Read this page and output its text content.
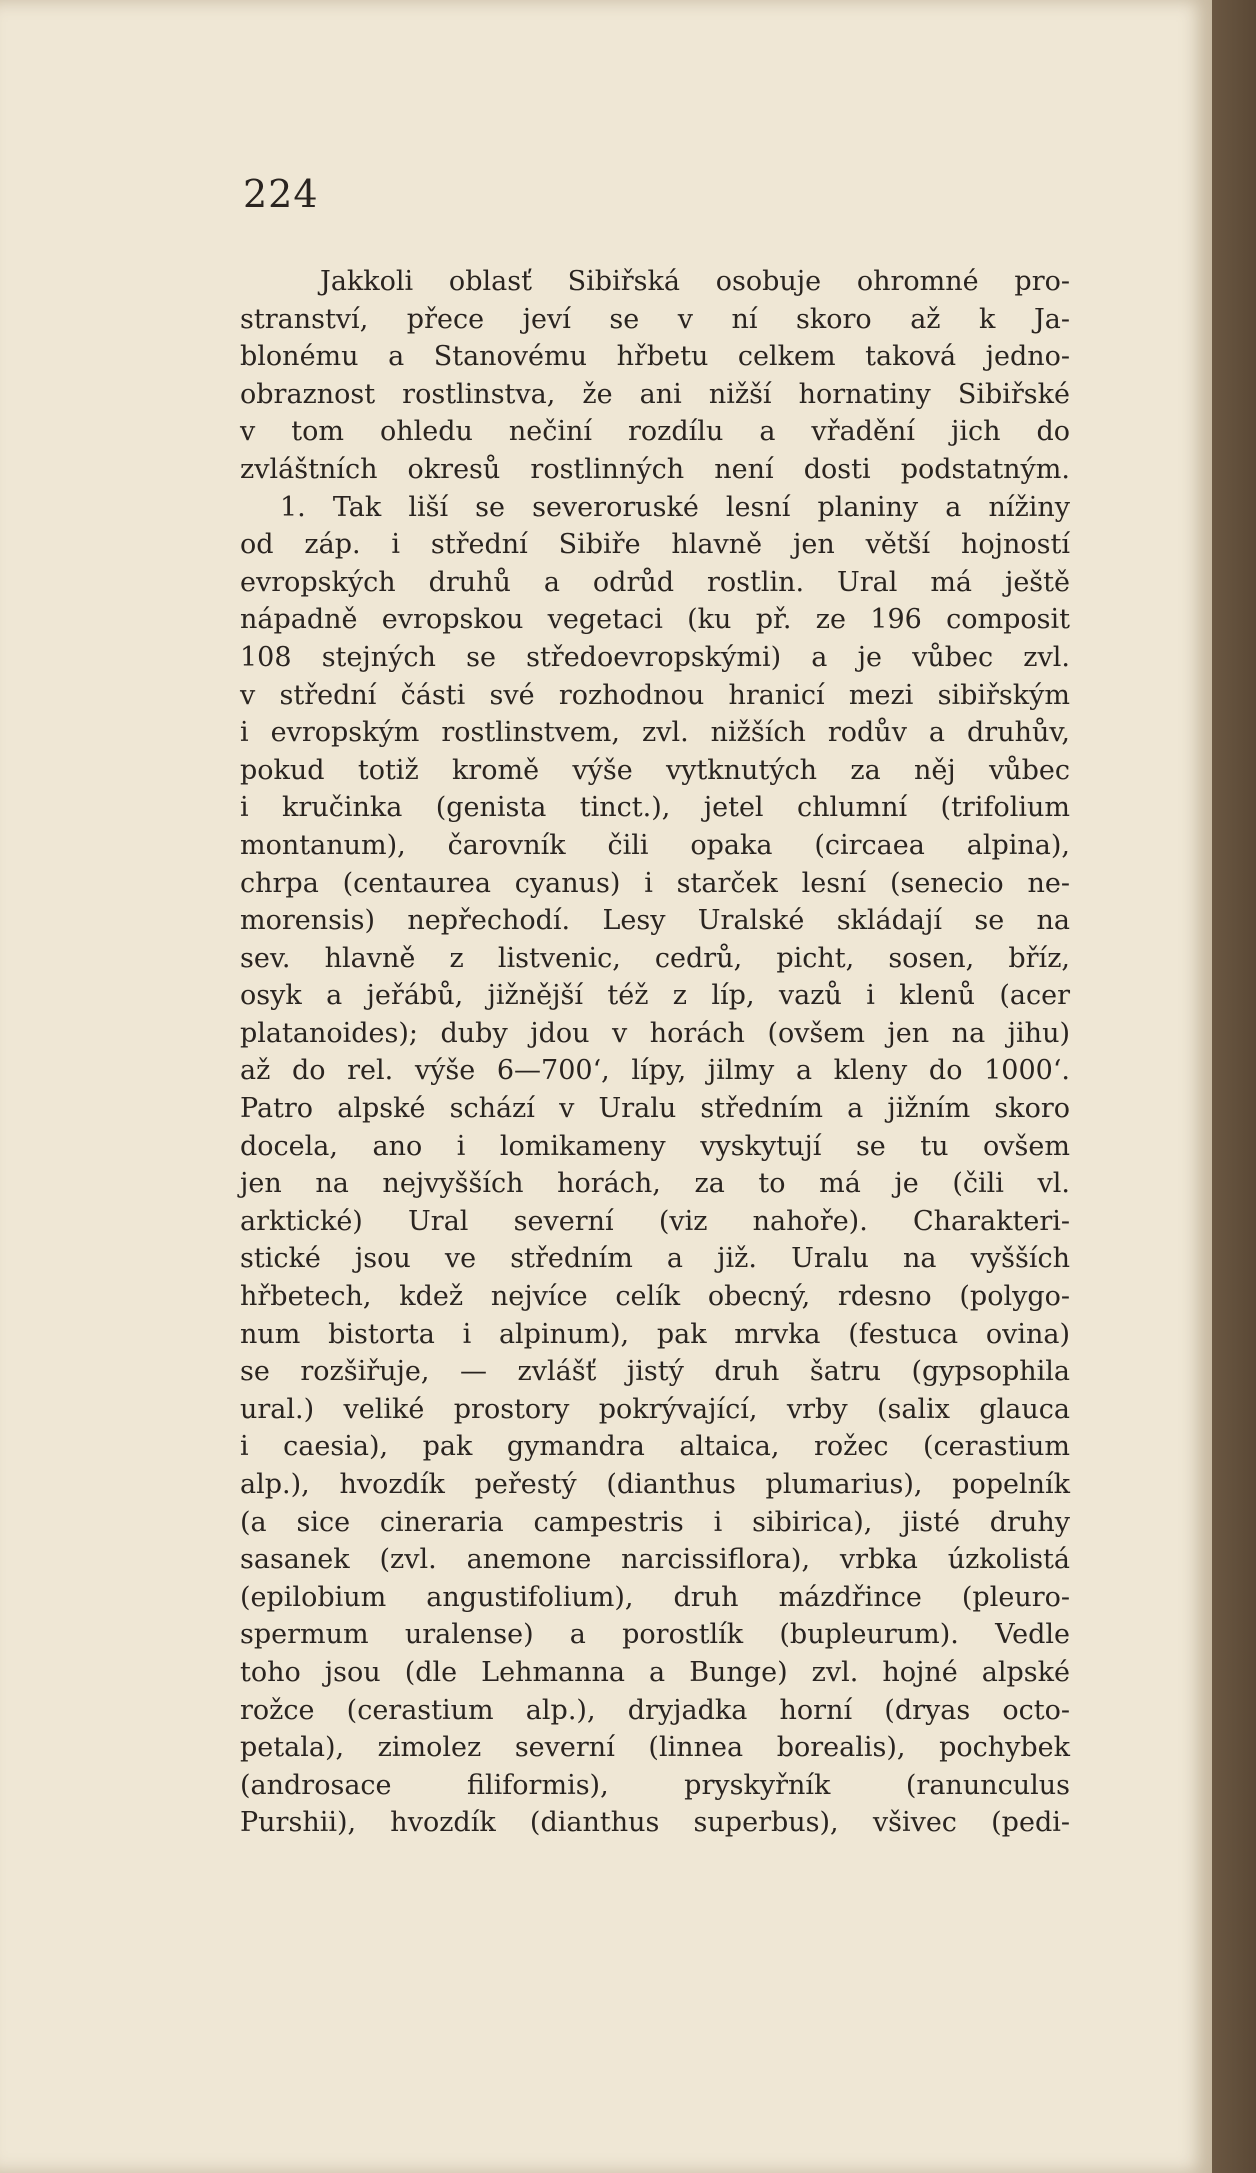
224
Jakkoli oblasť Sibiřská osobuje ohromné pro-
stranství, přece jeví se v ní skoro až k Ja-
blonému a Stanovému hřbetu celkem taková jedno-
obraznost rostlinstva, že ani nižší hornatiny Sibiřské
v tom ohledu nečiní rozdílu a vřadění jich do
zvláštních okresů rostlinných není dosti podstatným.
1. Tak liší se severoruské lesní planiny a nížiny
od záp. i střední Sibiře hlavně jen větší hojností
evropských druhů a odrůd rostlin. Ural má ještě
nápadně evropskou vegetaci (ku př. ze 196 composit
108 stejných se středoevropskými) a je vůbec zvl.
v střední části své rozhodnou hranicí mezi sibiřským
i evropským rostlinstvem, zvl. nižších rodův a druhův,
pokud totiž kromě výše vytknutých za něj vůbec
i kručinka (genista tinct.), jetel chlumní (trifolium
montanum), čarovník čili opaka (circaea alpina),
chrpa (centaurea cyanus) i starček lesní (senecio ne-
morensis) nepřechodí. Lesy Uralské skládají se na
sev. hlavně z listvenic, cedrů, picht, sosen, bříz,
osyk a jeřábů, jižnější též z líp, vazů i klenů (acer
platanoides); duby jdou v horách (ovšem jen na jihu)
až do rel. výše 6—700‘, lípy, jilmy a kleny do 1000‘.
Patro alpské schází v Uralu středním a jižním skoro
docela, ano i lomikameny vyskytují se tu ovšem
jen na nejvyšších horách, za to má je (čili vl.
arktické) Ural severní (viz nahoře). Charakteri-
stické jsou ve středním a již. Uralu na vyšších
hřbetech, kdež nejvíce celík obecný, rdesno (polygo-
num bistorta i alpinum), pak mrvka (festuca ovina)
se rozšiřuje, — zvlášť jistý druh šatru (gypsophila
ural.) veliké prostory pokrývající, vrby (salix glauca
i caesia), pak gymandra altaica, rožec (cerastium
alp.), hvozdík peřestý (dianthus plumarius), popelník
(a sice cineraria campestris i sibirica), jisté druhy
sasanek (zvl. anemone narcissiflora), vrbka úzkolistá
(epilobium angustifolium), druh mázdřince (pleuro-
spermum uralense) a porostlík (bupleurum). Vedle
toho jsou (dle Lehmanna a Bunge) zvl. hojné alpské
rožce (cerastium alp.), dryjadka horní (dryas octo-
petala), zimolez severní (linnea borealis), pochybek
(androsace filiformis), pryskyřník (ranunculus
Purshii), hvozdík (dianthus superbus), všivec (pedi-
